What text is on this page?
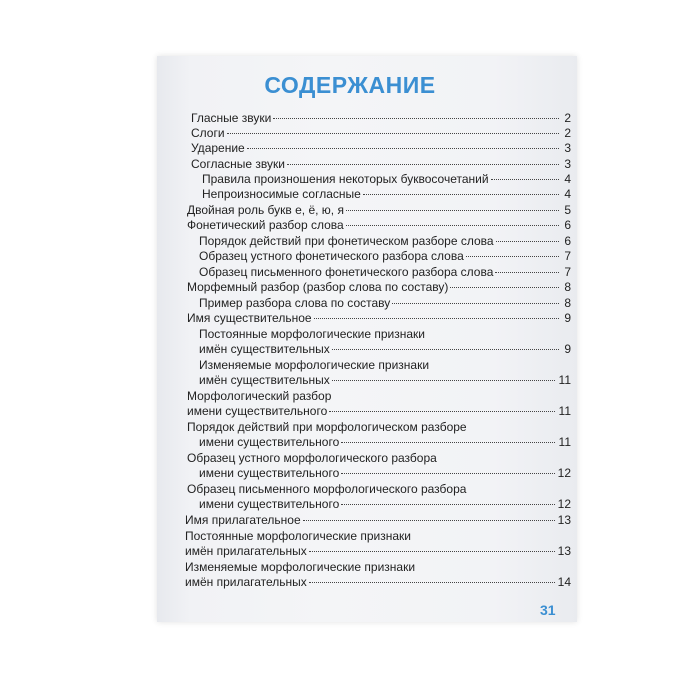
СОДЕРЖАНИЕ
Гласные звуки	2
Слоги	2
Ударение	3
Согласные звуки	3
Правила произношения некоторых буквосочетаний	4
Непроизносимые согласные	4
Двойная роль букв е, ё, ю, я	5
Фонетический разбор слова	6
Порядок действий при фонетическом разборе слова	6
Образец устного фонетического разбора слова	7
Образец письменного фонетического разбора слова	7
Морфемный разбор (разбор слова по составу)	8
Пример разбора слова по составу	8
Имя существительное	9
Постоянные морфологические признаки
имён существительных	9
Изменяемые морфологические признаки
имён существительных	11
Морфологический разбор
имени существительного	11
Порядок действий при морфологическом разборе
имени существительного	11
Образец устного морфологического разбора
имени существительного	12
Образец письменного морфологического разбора
имени существительного	12
Имя прилагательное	13
Постоянные морфологические признаки
имён прилагательных	13
Изменяемые морфологические признаки
имён прилагательных	14
31
